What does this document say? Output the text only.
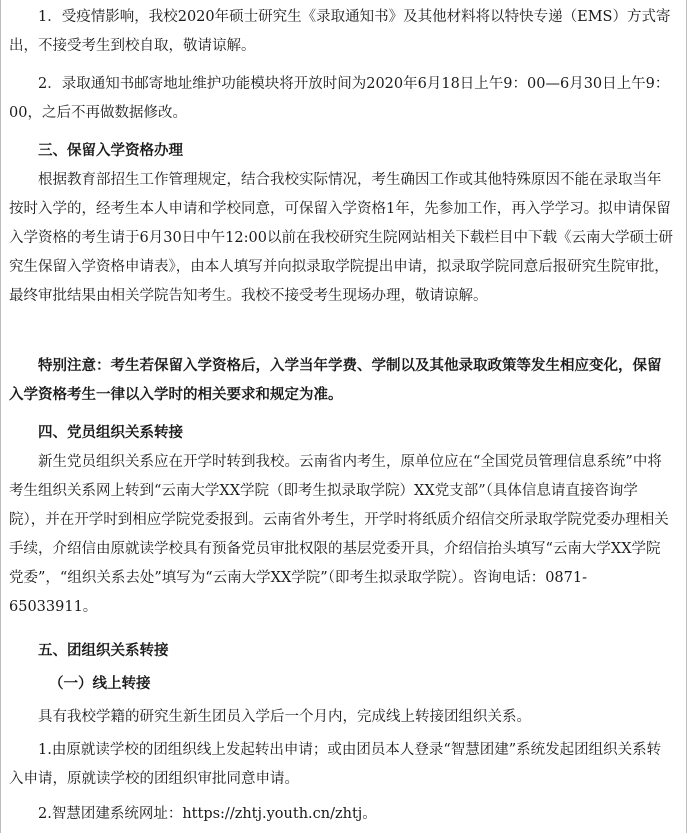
1．受疫情影响，我校2020年硕士研究生《录取通知书》及其他材料将以特快专递（EMS）方式寄出，不接受考生到校自取，敬请谅解。

2．录取通知书邮寄地址维护功能模块将开放时间为2020年6月18日上午9：00—6月30日上午9：00，之后不再做数据修改。

三、保留入学资格办理

根据教育部招生工作管理规定，结合我校实际情况，考生确因工作或其他特殊原因不能在录取当年按时入学的，经考生本人申请和学校同意，可保留入学资格1年，先参加工作，再入学学习。拟申请保留入学资格的考生请于6月30日中午12:00以前在我校研究生院网站相关下载栏目中下载《云南大学硕士研究生保留入学资格申请表》，由本人填写并向拟录取学院提出申请，拟录取学院同意后报研究生院审批，最终审批结果由相关学院告知考生。我校不接受考生现场办理，敬请谅解。

特别注意：考生若保留入学资格后，入学当年学费、学制以及其他录取政策等发生相应变化，保留入学资格考生一律以入学时的相关要求和规定为准。

四、党员组织关系转接

新生党员组织关系应在开学时转到我校。云南省内考生，原单位应在“全国党员管理信息系统”中将考生组织关系网上转到“云南大学XX学院（即考生拟录取学院）XX党支部”（具体信息请直接咨询学院），并在开学时到相应学院党委报到。云南省外考生，开学时将纸质介绍信交所录取学院党委办理相关手续，介绍信由原就读学校具有预备党员审批权限的基层党委开具，介绍信抬头填写“云南大学XX学院党委”，“组织关系去处”填写为“云南大学XX学院”（即考生拟录取学院）。咨询电话：0871-65033911。

五、团组织关系转接

（一）线上转接

具有我校学籍的研究生新生团员入学后一个月内，完成线上转接团组织关系。

1.由原就读学校的团组织线上发起转出申请；或由团员本人登录“智慧团建”系统发起团组织关系转入申请，原就读学校的团组织审批同意申请。

2.智慧团建系统网址：https://zhtj.youth.cn/zhtj。
